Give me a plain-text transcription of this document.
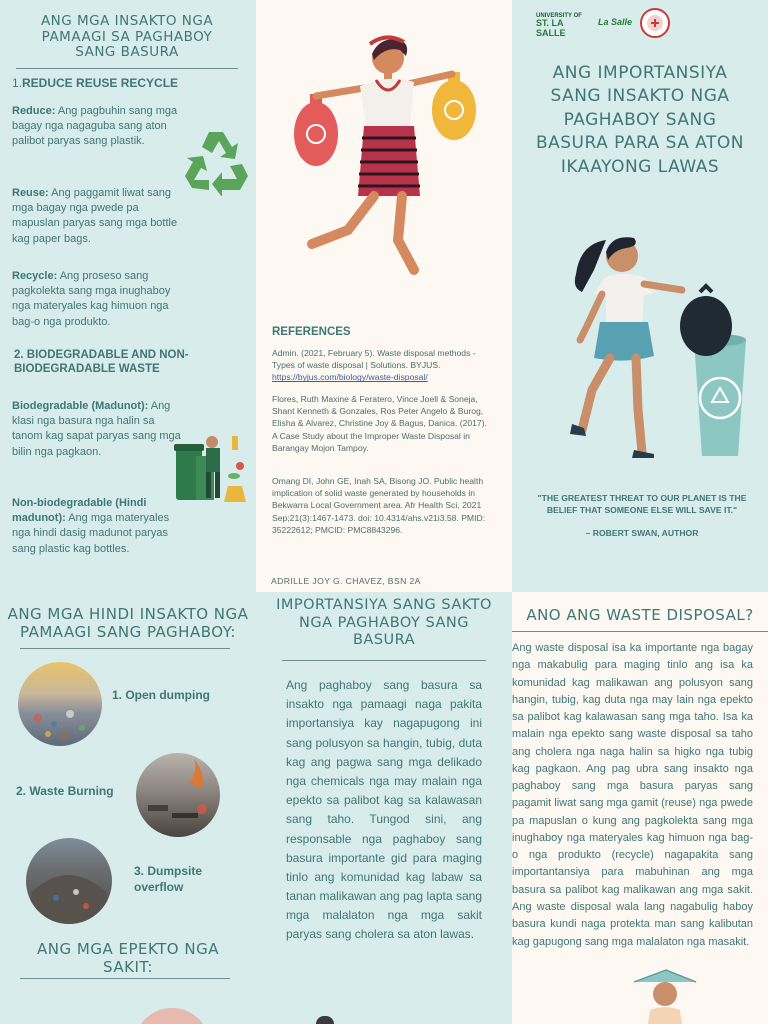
ANG MGA INSAKTO NGA PAMAAGI SA PAGHABOY SANG BASURA
1.REDUCE REUSE RECYCLE
Reduce: Ang pagbuhin sang mga bagay nga nagaguba sang aton palibot paryas sang plastik.
Reuse: Ang paggamit liwat sang mga bagay nga pwede pa mapuslan paryas sang mga bottle kag paper bags.
Recycle: Ang proseso sang pagkolekta sang mga inughaboy nga materyales kag himuon nga bag-o nga produkto.
2. BIODEGRADABLE AND NON-BIODEGRADABLE WASTE
Biodegradable (Madunot): Ang klasi nga basura nga halin sa tanom kag sapat paryas sang mga bilin nga pagkaon.
Non-biodegradable (Hindi madunot): Ang mga materyales nga hindi dasig madunot paryas sang plastic kag bottles.
REFERENCES
Admin. (2021, February 5). Waste disposal methods - Types of waste disposal | Solutions. BYJUS. https://byjus.com/biology/waste-disposal/
Flores, Ruth Maxine & Feratero, Vince Joell & Soneja, Shant Kenneth & Gonzales, Ros Peter Angelo & Burog, Elisha & Alvarez, Christine Joy & Bagus, Danica. (2017). A Case Study about the Improper Waste Disposal in Barangay Mojon Tampoy.
Omang DI, John GE, Inah SA, Bisong JO. Public health implication of solid waste generated by households in Bekwarra Local Government area. Afr Health Sci. 2021 Sep;21(3):1467-1473. doi: 10.4314/ahs.v21i3.58. PMID: 35222612; PMCID: PMC8843296.
ADRILLE JOY G. CHAVEZ, BSN 2A
UNIVERSITY OF
ST. LA SALLE
La Salle
ANG IMPORTANSIYA SANG INSAKTO NGA PAGHABOY SANG BASURA PARA SA ATON IKAAYONG LAWAS
"THE GREATEST THREAT TO OUR PLANET IS THE BELIEF THAT SOMEONE ELSE WILL SAVE IT."
– ROBERT SWAN, AUTHOR
ANG MGA HINDI INSAKTO NGA PAMAAGI SANG PAGHABOY:
1. Open dumping
2. Waste Burning
3. Dumpsite overflow
ANG MGA EPEKTO NGA SAKIT:
IMPORTANSIYA SANG SAKTO NGA PAGHABOY SANG BASURA
Ang paghaboy sang basura sa insakto nga pamaagi naga pakita importansiya kay nagapugong ini sang polusyon sa hangin, tubig, duta kag ang pagwa sang mga delikado nga chemicals nga may malain nga epekto sa palibot kag sa kalawasan sang taho. Tungod sini, ang responsable nga paghaboy sang basura importante gid para maging tinlo ang komunidad kag labaw sa tanan malikawan ang pag lapta sang mga malalaton nga mga sakit paryas sang cholera sa aton lawas.
ANO ANG WASTE DISPOSAL?
Ang waste disposal isa ka importante nga bagay nga makabulig para maging tinlo ang isa ka komunidad kag malikawan ang polusyon sang hangin, tubig, kag duta nga may lain nga epekto sa palibot kag kalawasan sang mga taho. Isa ka malain nga epekto sang waste disposal sa taho ang cholera nga naga halin sa higko nga tubig kag pagkaon. Ang pag ubra sang insakto nga paghaboy sang mga basura paryas sang pagamit liwat sang mga gamit (reuse) nga pwede pa mapuslan o kung ang pagkolekta sang mga inughaboy nga materyales kag himuon nga bag-o nga produkto (recycle) nagapakita sang importantansiya para mabuhinan ang mga basura sa palibot kag malikawan ang mga sakit. Ang waste disposal wala lang nagabulig haboy basura kundi naga protekta man sang kalibutan kag gapugong sang mga malalaton nga masakit.
